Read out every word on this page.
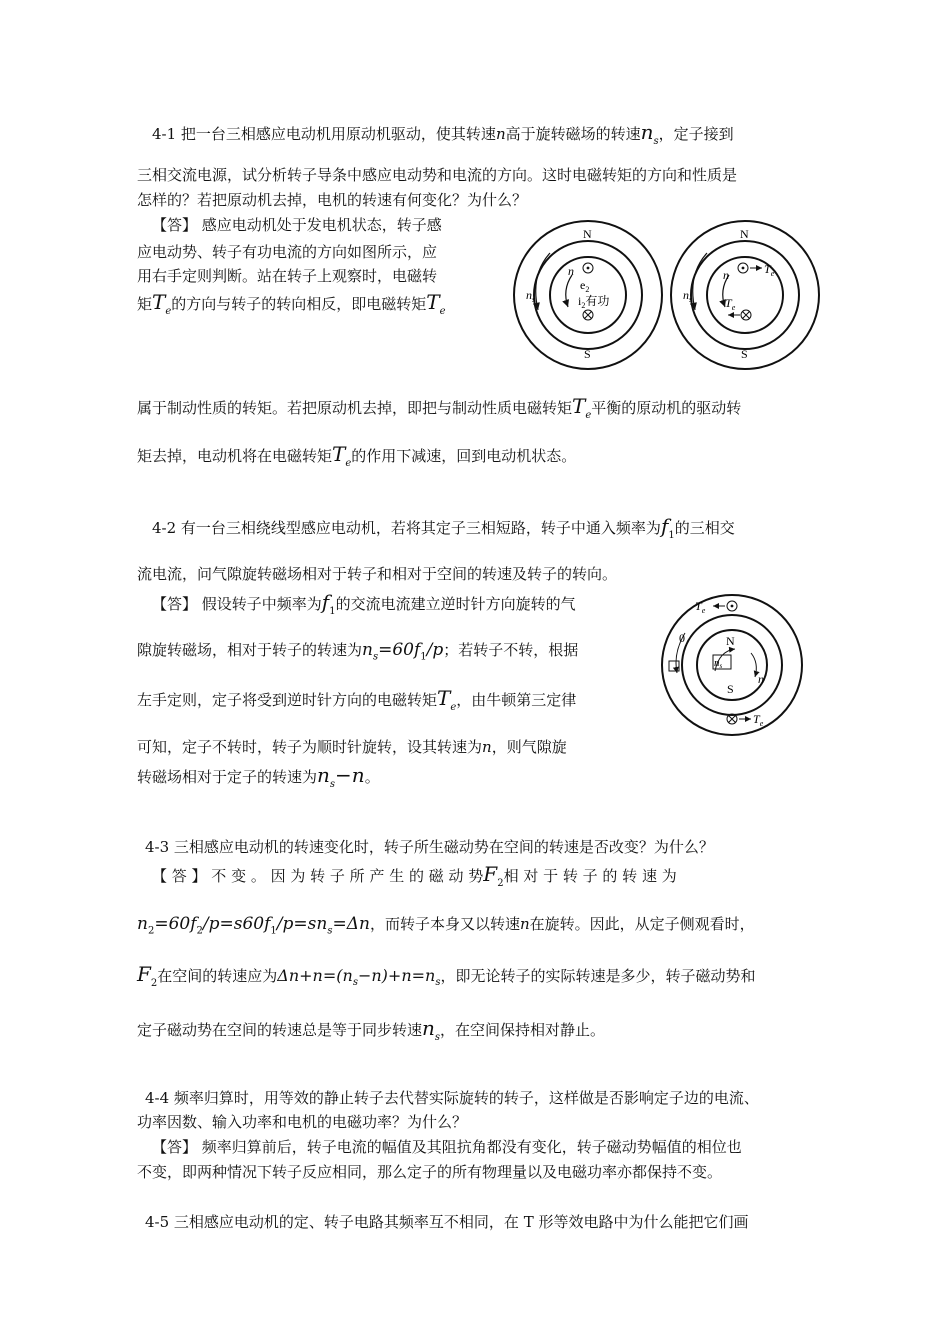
4-1 把一台三相感应电动机用原动机驱动，使其转速n高于旋转磁场的转速$n_s$，定子接到
三相交流电源，试分析转子导条中感应电动势和电流的方向。这时电磁转矩的方向和性质是
怎样的？若把原动机去掉，电机的转速有何变化？为什么？
【答】 感应电动机处于发电机状态，转子感
应电动势、转子有功电流的方向如图所示，应
用右手定则判断。站在转子上观察时，电磁转
矩$T_e$的方向与转子的转向相反，即电磁转矩$T_e$
属于制动性质的转矩。若把原动机去掉，即把与制动性质电磁转矩$T_e$平衡的原动机的驱动转
矩去掉，电动机将在电磁转矩$T_e$的作用下减速，回到电动机状态。
N
S
$n_s$
n
$e_2$
$i_2$有功
N
S
$n_s$
n	$T_e$
$T_e$
4-2 有一台三相绕线型感应电动机，若将其定子三相短路，转子中通入频率为$f_1$的三相交
流电流，问气隙旋转磁场相对于转子和相对于空间的转速及转子的转向。
【答】 假设转子中频率为$f_1$的交流电流建立逆时针方向旋转的气
隙旋转磁场，相对于转子的转速为$n_s=60f_1/p$；若转子不转，根据
左手定则，定子将受到逆时针方向的电磁转矩$T_e$，由牛顿第三定律
可知，定子不转时，转子为顺时针旋转，设其转速为n，则气隙旋
转磁场相对于定子的转速为$n_s-n$。
N
S
$T_e$
0
ns
n
$T_e$
4-3 三相感应电动机的转速变化时，转子所生磁动势在空间的转速是否改变？为什么？
【 答 】 不 变 。 因 为 转 子 所 产 生 的 磁 动 势$F_2$相 对 于 转 子 的 转 速 为
$n_2=60f_2/p=s60f_1/p=sn_s=\Delta n$，而转子本身又以转速n在旋转。因此，从定子侧观看时，
$F_2$在空间的转速应为$\Delta n+n=(n_s-n)+n=n_s$，即无论转子的实际转速是多少，转子磁动势和
定子磁动势在空间的转速总是等于同步转速$n_s$，在空间保持相对静止。
4-4 频率归算时，用等效的静止转子去代替实际旋转的转子，这样做是否影响定子边的电流、
功率因数、输入功率和电机的电磁功率？为什么？
【答】 频率归算前后，转子电流的幅值及其阻抗角都没有变化，转子磁动势幅值的相位也
不变，即两种情况下转子反应相同，那么定子的所有物理量以及电磁功率亦都保持不变。
4-5 三相感应电动机的定、转子电路其频率互不相同，在 T 形等效电路中为什么能把它们画
